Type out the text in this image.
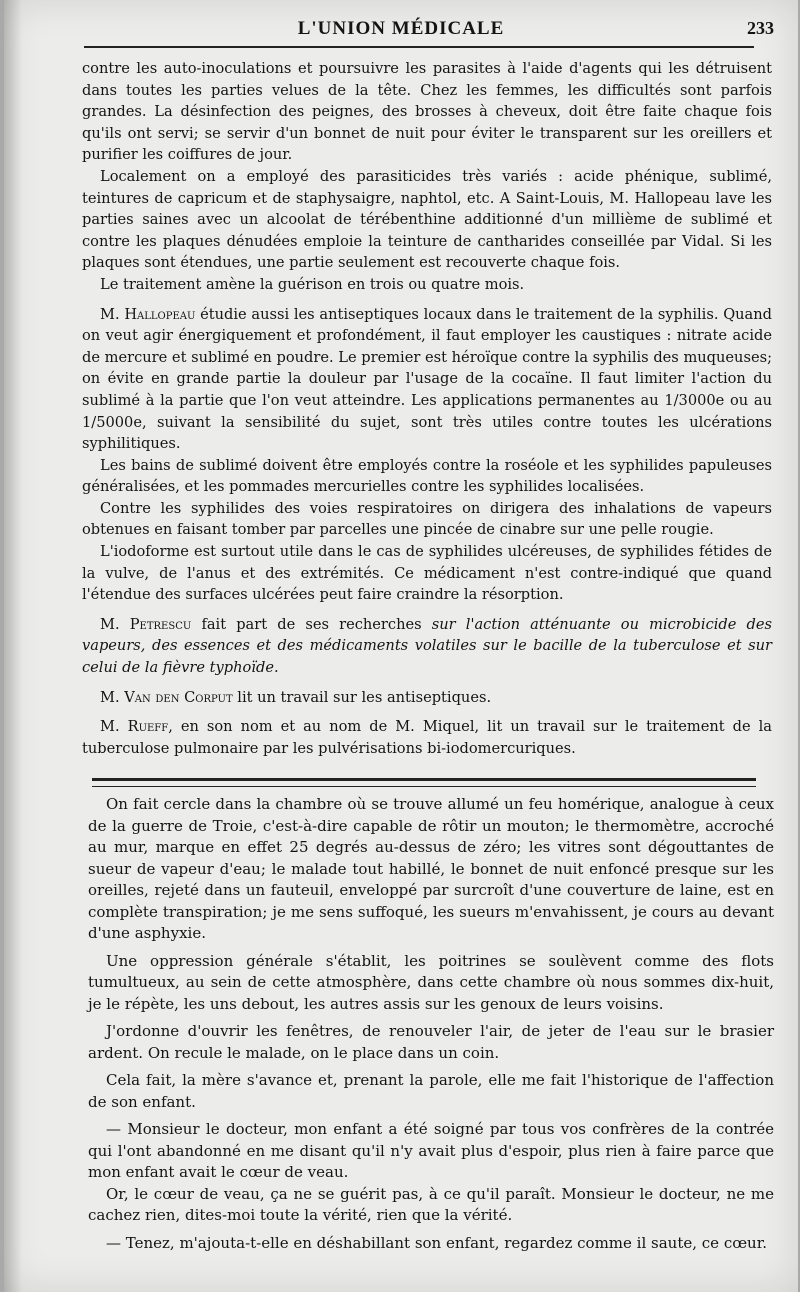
L'UNION MÉDICALE	233

contre les auto-inoculations et poursuivre les parasites à l'aide d'agents qui les détruisent dans toutes les parties velues de la tête. Chez les femmes, les difficultés sont parfois grandes. La désinfection des peignes, des brosses à cheveux, doit être faite chaque fois qu'ils ont servi; se servir d'un bonnet de nuit pour éviter le transparent sur les oreillers et purifier les coiffures de jour.

Localement on a employé des parasiticides très variés : acide phénique, sublimé, teintures de capricum et de staphysaigre, naphtol, etc. A Saint-Louis, M. Hallopeau lave les parties saines avec un alcoolat de térébenthine additionné d'un millième de sublimé et contre les plaques dénudées emploie la teinture de cantharides conseillée par Vidal. Si les plaques sont étendues, une partie seulement est recouverte chaque fois.

Le traitement amène la guérison en trois ou quatre mois.

M. Hallopeau étudie aussi les antiseptiques locaux dans le traitement de la syphilis. Quand on veut agir énergiquement et profondément, il faut employer les caustiques : nitrate acide de mercure et sublimé en poudre. Le premier est héroïque contre la syphilis des muqueuses; on évite en grande partie la douleur par l'usage de la cocaïne. Il faut limiter l'action du sublimé à la partie que l'on veut atteindre. Les applications permanentes au 1/3000e ou au 1/5000e, suivant la sensibilité du sujet, sont très utiles contre toutes les ulcérations syphilitiques.

Les bains de sublimé doivent être employés contre la roséole et les syphilides papuleuses généralisées, et les pommades mercurielles contre les syphilides localisées.

Contre les syphilides des voies respiratoires on dirigera des inhalations de vapeurs obtenues en faisant tomber par parcelles une pincée de cinabre sur une pelle rougie.

L'iodoforme est surtout utile dans le cas de syphilides ulcéreuses, de syphilides fétides de la vulve, de l'anus et des extrémités. Ce médicament n'est contre-indiqué que quand l'étendue des surfaces ulcérées peut faire craindre la résorption.

M. Petrescu fait part de ses recherches sur l'action atténuante ou microbicide des vapeurs, des essences et des médicaments volatiles sur le bacille de la tuberculose et sur celui de la fièvre typhoïde.

M. Van den Corput lit un travail sur les antiseptiques.

M. Rueff, en son nom et au nom de M. Miquel, lit un travail sur le traitement de la tuberculose pulmonaire par les pulvérisations bi-iodomercuriques.

On fait cercle dans la chambre où se trouve allumé un feu homérique, analogue à ceux de la guerre de Troie, c'est-à-dire capable de rôtir un mouton; le thermomètre, accroché au mur, marque en effet 25 degrés au-dessus de zéro; les vitres sont dégouttantes de sueur de vapeur d'eau; le malade tout habillé, le bonnet de nuit enfoncé presque sur les oreilles, rejeté dans un fauteuil, enveloppé par surcroît d'une couverture de laine, est en complète transpiration; je me sens suffoqué, les sueurs m'envahissent, je cours au devant d'une asphyxie.

Une oppression générale s'établit, les poitrines se soulèvent comme des flots tumultueux, au sein de cette atmosphère, dans cette chambre où nous sommes dix-huit, je le répète, les uns debout, les autres assis sur les genoux de leurs voisins.

J'ordonne d'ouvrir les fenêtres, de renouveler l'air, de jeter de l'eau sur le brasier ardent. On recule le malade, on le place dans un coin.

Cela fait, la mère s'avance et, prenant la parole, elle me fait l'historique de l'affection de son enfant.

— Monsieur le docteur, mon enfant a été soigné par tous vos confrères de la contrée qui l'ont abandonné en me disant qu'il n'y avait plus d'espoir, plus rien à faire parce que mon enfant avait le cœur de veau.

Or, le cœur de veau, ça ne se guérit pas, à ce qu'il paraît. Monsieur le docteur, ne me cachez rien, dites-moi toute la vérité, rien que la vérité.

— Tenez, m'ajouta-t-elle en déshabillant son enfant, regardez comme il saute, ce cœur.
